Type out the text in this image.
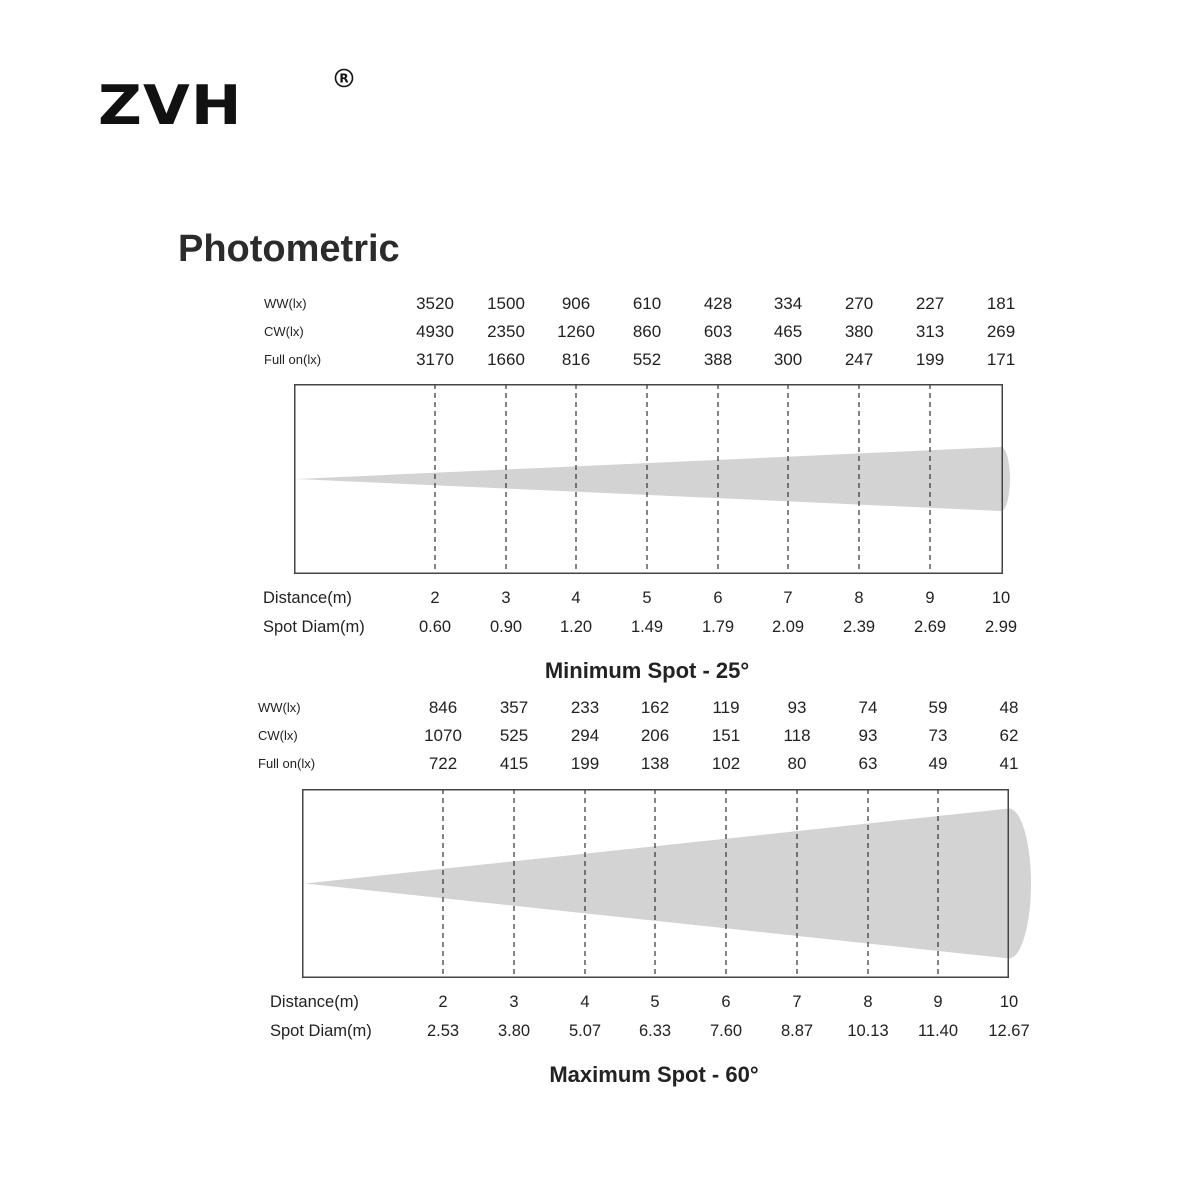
ZVH	R
Photometric
WW(lx)	3520	1500	906	610	428	334	270	227	181
CW(lx)	4930	2350	1260	860	603	465	380	313	269
Full on(lx)	3170	1660	816	552	388	300	247	199	171
Distance(m)	2	3	4	5	6	7	8	9	10
Spot Diam(m)	0.60	0.90	1.20	1.49	1.79	2.09	2.39	2.69	2.99
Minimum Spot - 25°
WW(lx)	846	357	233	162	119	93	74	59	48
CW(lx)	1070	525	294	206	151	118	93	73	62
Full on(lx)	722	415	199	138	102	80	63	49	41
Distance(m)	2	3	4	5	6	7	8	9	10
Spot Diam(m)	2.53	3.80	5.07	6.33	7.60	8.87	10.13	11.40	12.67
Maximum Spot - 60°
